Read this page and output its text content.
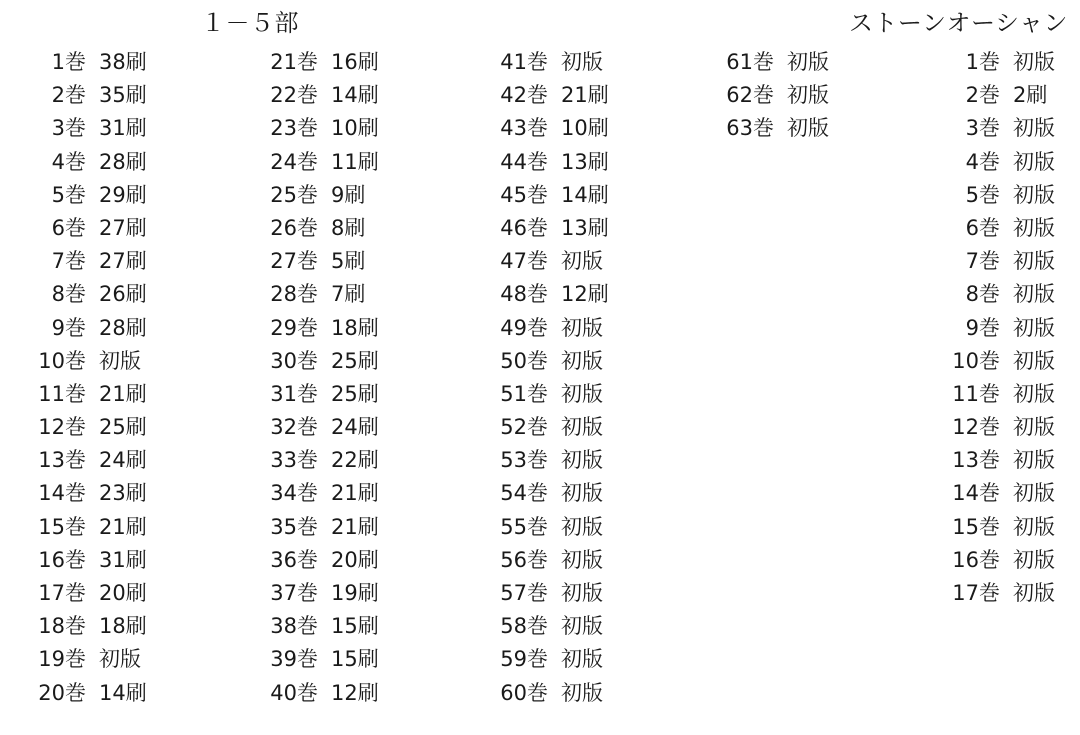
１－５部	ストーンオーシャン
1巻 38刷
2巻 35刷
3巻 31刷
4巻 28刷
5巻 29刷
6巻 27刷
7巻 27刷
8巻 26刷
9巻 28刷
10巻 初版
11巻 21刷
12巻 25刷
13巻 24刷
14巻 23刷
15巻 21刷
16巻 31刷
17巻 20刷
18巻 18刷
19巻 初版
20巻 14刷
21巻 16刷
22巻 14刷
23巻 10刷
24巻 11刷
25巻 9刷
26巻 8刷
27巻 5刷
28巻 7刷
29巻 18刷
30巻 25刷
31巻 25刷
32巻 24刷
33巻 22刷
34巻 21刷
35巻 21刷
36巻 20刷
37巻 19刷
38巻 15刷
39巻 15刷
40巻 12刷
41巻 初版
42巻 21刷
43巻 10刷
44巻 13刷
45巻 14刷
46巻 13刷
47巻 初版
48巻 12刷
49巻 初版
50巻 初版
51巻 初版
52巻 初版
53巻 初版
54巻 初版
55巻 初版
56巻 初版
57巻 初版
58巻 初版
59巻 初版
60巻 初版
61巻 初版
62巻 初版
63巻 初版
1巻 初版
2巻 2刷
3巻 初版
4巻 初版
5巻 初版
6巻 初版
7巻 初版
8巻 初版
9巻 初版
10巻 初版
11巻 初版
12巻 初版
13巻 初版
14巻 初版
15巻 初版
16巻 初版
17巻 初版
